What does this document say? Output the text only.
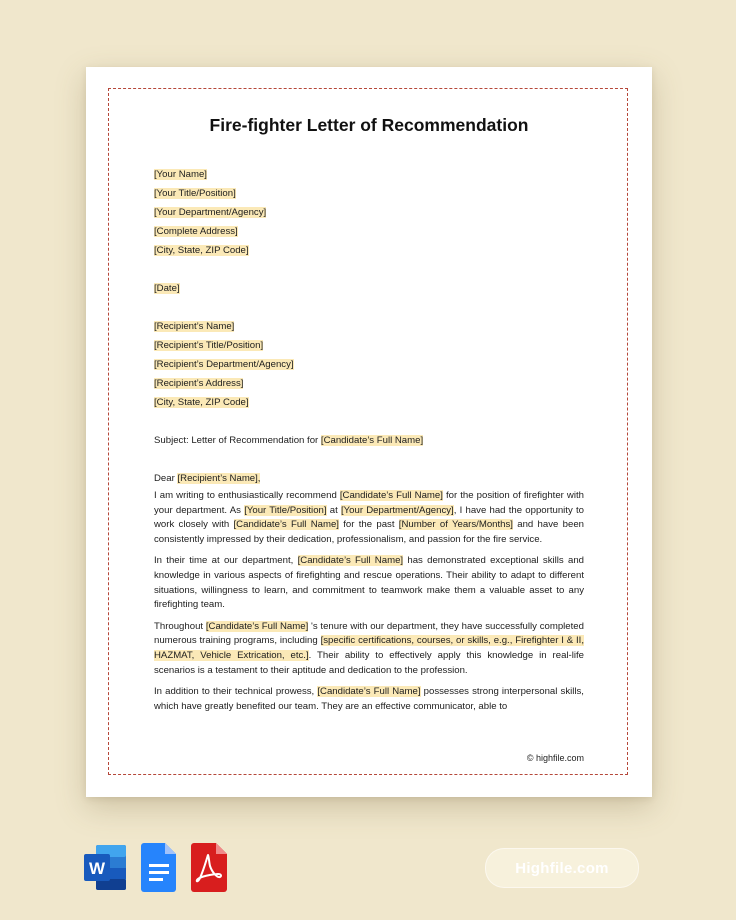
Fire-fighter Letter of Recommendation
[Your Name]
[Your Title/Position]
[Your Department/Agency]
[Complete Address]
[City, State, ZIP Code]
[Date]
[Recipient’s Name]
[Recipient’s Title/Position]
[Recipient’s Department/Agency]
[Recipient’s Address]
[City, State, ZIP Code]
Subject: Letter of Recommendation for [Candidate’s Full Name]
Dear [Recipient’s Name],

I am writing to enthusiastically recommend [Candidate’s Full Name] for the position of firefighter with your department. As [Your Title/Position] at [Your Department/Agency], I have had the opportunity to work closely with [Candidate’s Full Name] for the past [Number of Years/Months] and have been consistently impressed by their dedication, professionalism, and passion for the fire service.

In their time at our department, [Candidate’s Full Name] has demonstrated exceptional skills and knowledge in various aspects of firefighting and rescue operations. Their ability to adapt to different situations, willingness to learn, and commitment to teamwork make them a valuable asset to any firefighting team.

Throughout [Candidate’s Full Name] 's tenure with our department, they have successfully completed numerous training programs, including [specific certifications, courses, or skills, e.g., Firefighter I & II, HAZMAT, Vehicle Extrication, etc.]. Their ability to effectively apply this knowledge in real-life scenarios is a testament to their aptitude and dedication to the profession.

In addition to their technical prowess, [Candidate’s Full Name] possesses strong interpersonal skills, which have greatly benefited our team. They are an effective communicator, able to

© highfile.com
W	Highfile.com
